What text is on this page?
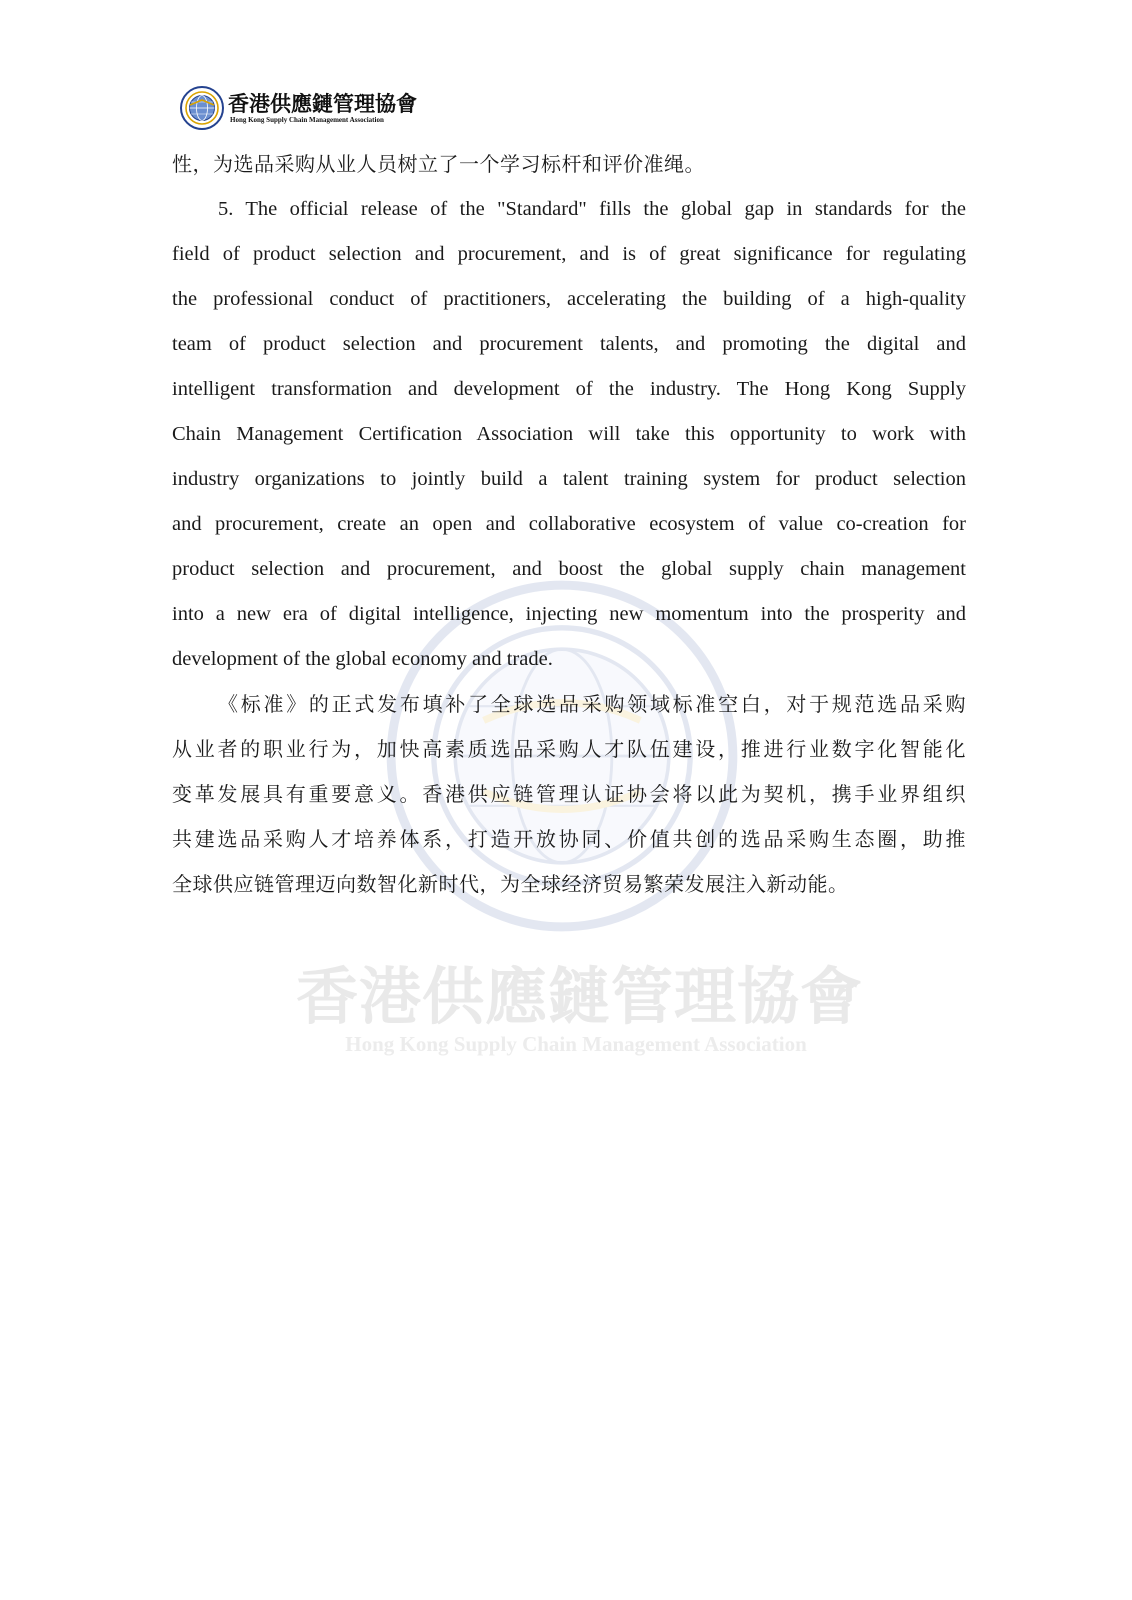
香港供應鏈管理協會
Hong Kong Supply Chain Management Association
香港供應鏈管理協會
Hong Kong Supply Chain Management Association
性，为选品采购从业人员树立了一个学习标杆和评价准绳。
5. The official release of the "Standard" fills the global gap in standards for the
field of product selection and procurement, and is of great significance for regulating
the professional conduct of practitioners, accelerating the building of a high-quality
team of product selection and procurement talents, and promoting the digital and
intelligent transformation and development of the industry. The Hong Kong Supply
Chain Management Certification Association will take this opportunity to work with
industry organizations to jointly build a talent training system for product selection
and procurement, create an open and collaborative ecosystem of value co-creation for
product selection and procurement, and boost the global supply chain management
into a new era of digital intelligence, injecting new momentum into the prosperity and
development of the global economy and trade.
《标准》的正式发布填补了全球选品采购领域标准空白，对于规范选品采购
从业者的职业行为，加快高素质选品采购人才队伍建设，推进行业数字化智能化
变革发展具有重要意义。香港供应链管理认证协会将以此为契机，携手业界组织
共建选品采购人才培养体系，打造开放协同、价值共创的选品采购生态圈，助推
全球供应链管理迈向数智化新时代，为全球经济贸易繁荣发展注入新动能。
